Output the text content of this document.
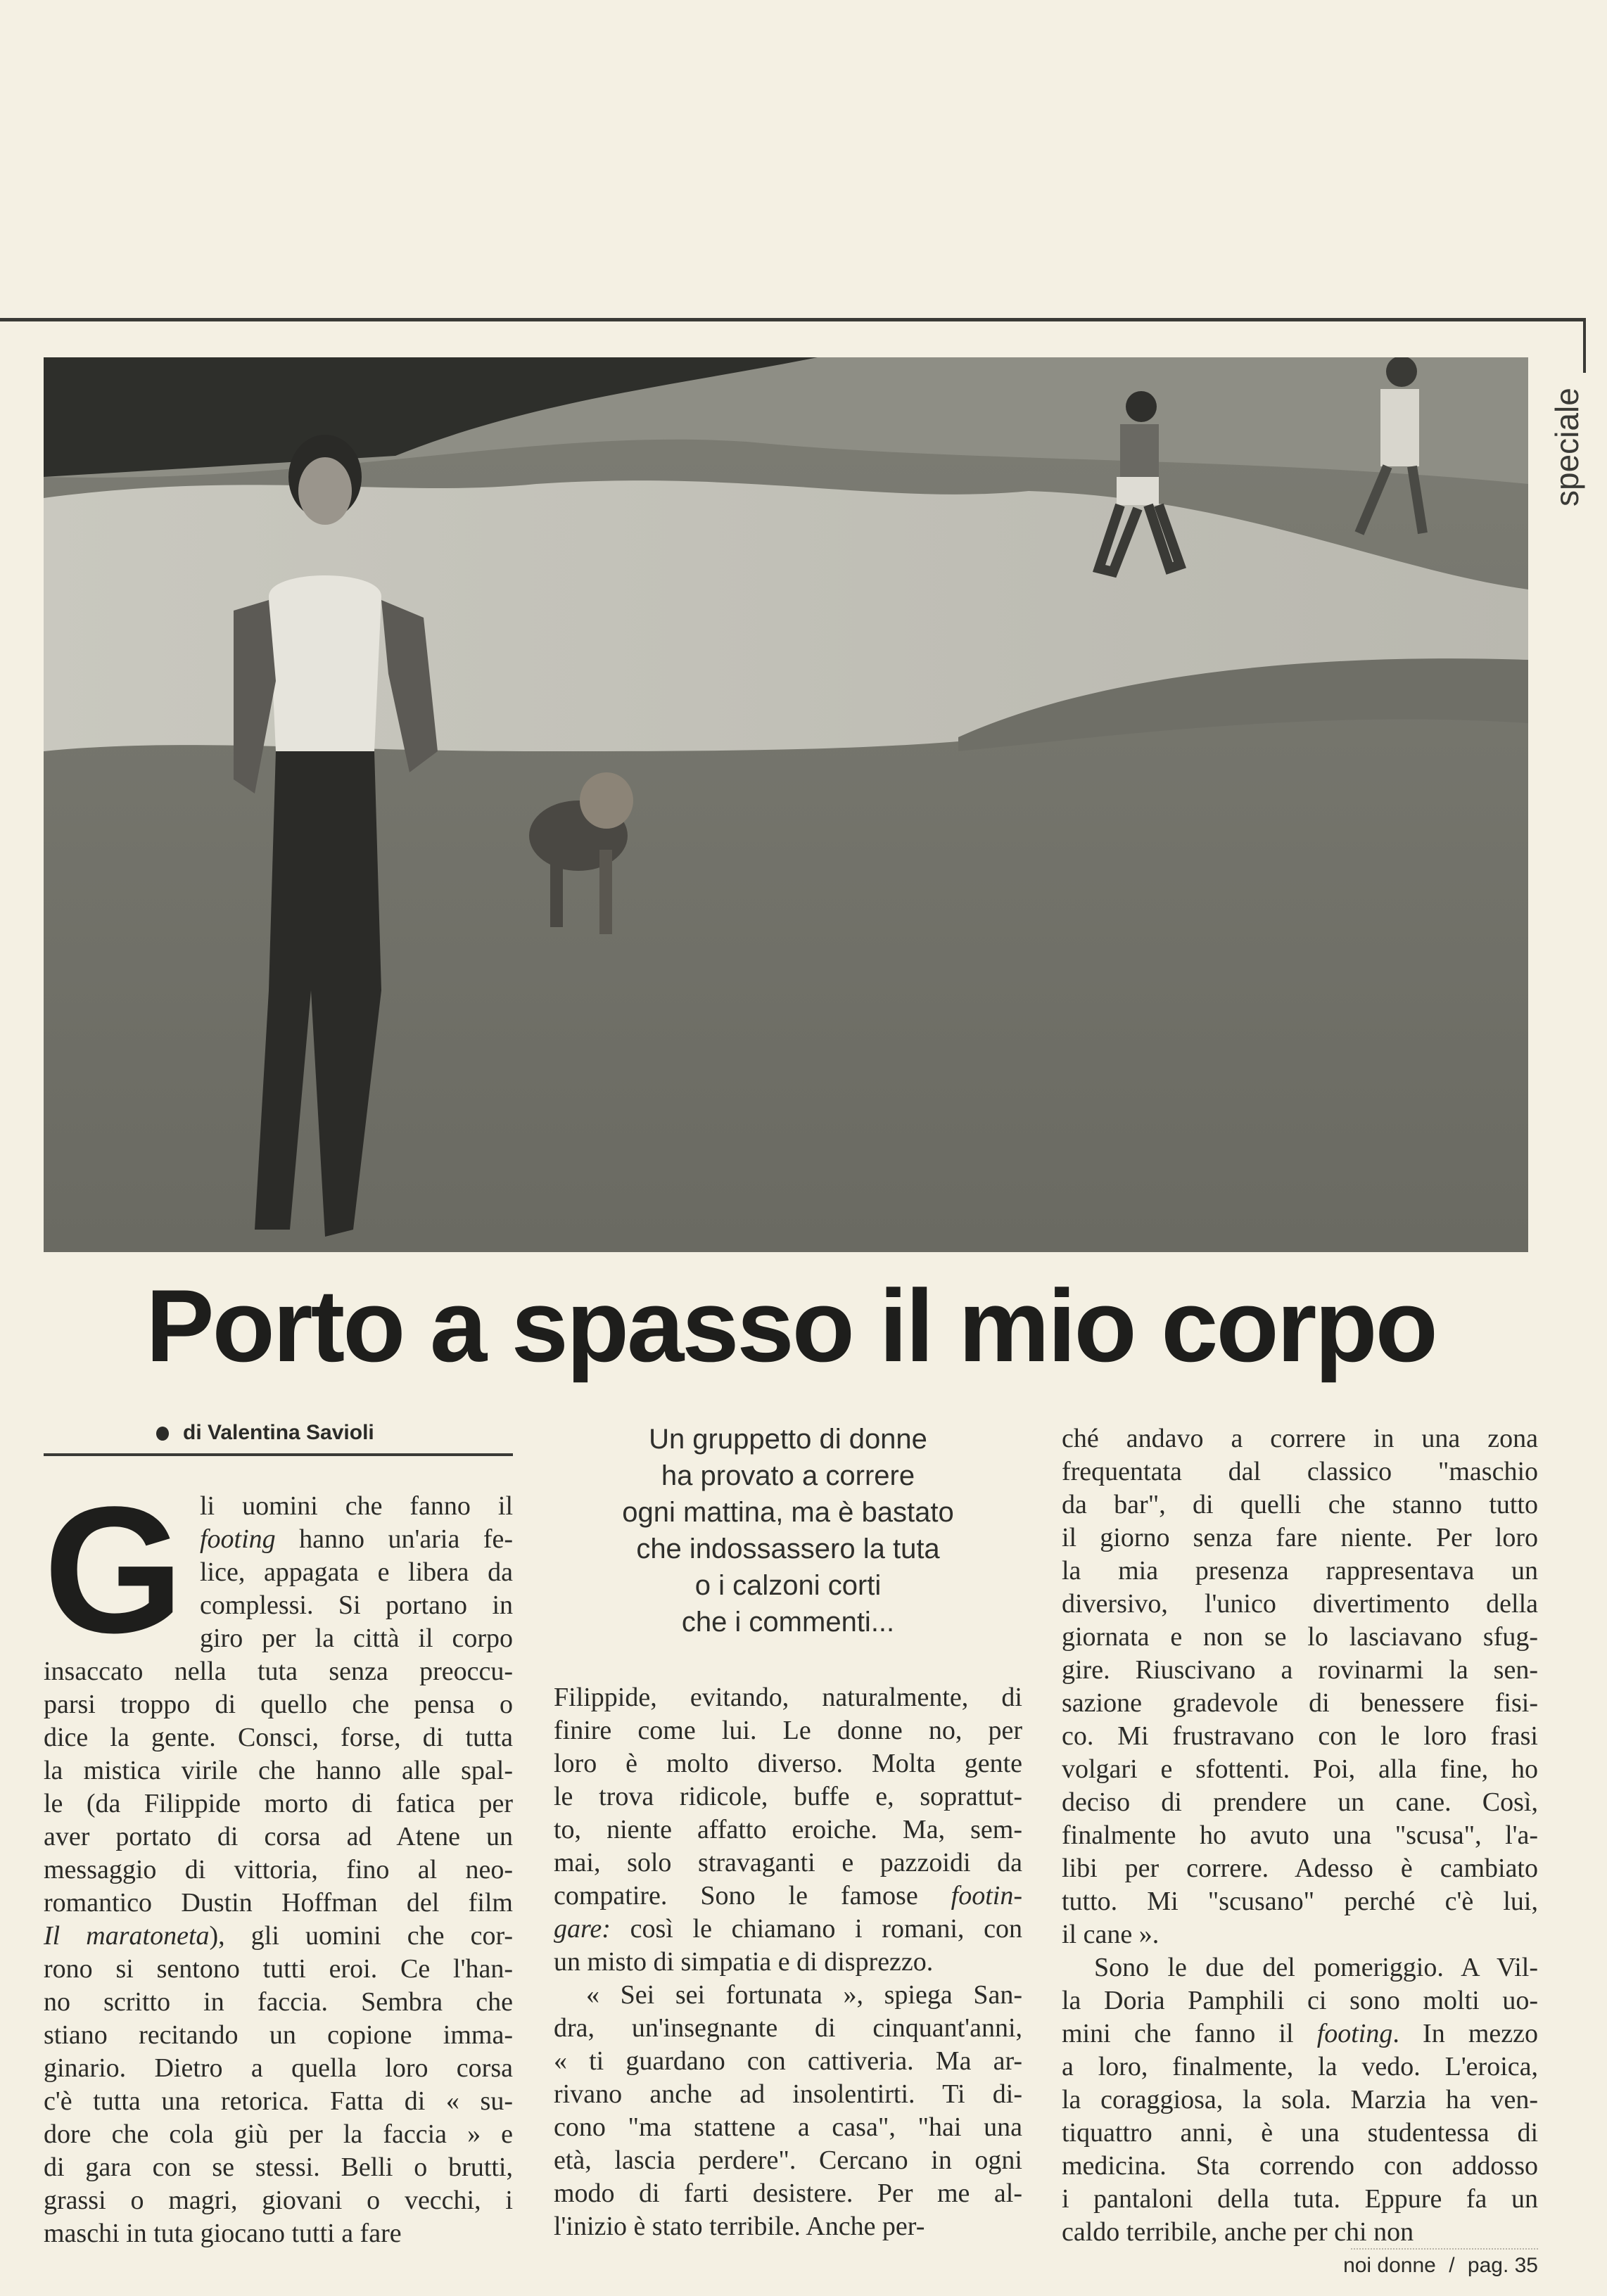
speciale
Porto a spasso il mio corpo
di Valentina Savioli
G li uomini che fanno il
footing hanno un'aria fe-
lice, appagata e libera da
complessi. Si portano in
giro per la città il corpo
insaccato nella tuta senza preoccu-
parsi troppo di quello che pensa o
dice la gente. Consci, forse, di tutta
la mistica virile che hanno alle spal-
le (da Filippide morto di fatica per
aver portato di corsa ad Atene un
messaggio di vittoria, fino al neo-
romantico Dustin Hoffman del film
Il maratoneta), gli uomini che cor-
rono si sentono tutti eroi. Ce l'han-
no scritto in faccia. Sembra che
stiano recitando un copione imma-
ginario. Dietro a quella loro corsa
c'è tutta una retorica. Fatta di « su-
dore che cola giù per la faccia » e
di gara con se stessi. Belli o brutti,
grassi o magri, giovani o vecchi, i
maschi in tuta giocano tutti a fare
Un gruppetto di donne
ha provato a correre
ogni mattina, ma è bastato
che indossassero la tuta
o i calzoni corti
che i commenti...
Filippide, evitando, naturalmente, di
finire come lui. Le donne no, per
loro è molto diverso. Molta gente
le trova ridicole, buffe e, soprattut-
to, niente affatto eroiche. Ma, sem-
mai, solo stravaganti e pazzoidi da
compatire. Sono le famose footin-
gare: così le chiamano i romani, con
un misto di simpatia e di disprezzo.
« Sei sei fortunata », spiega San-
dra, un'insegnante di cinquant'anni,
« ti guardano con cattiveria. Ma ar-
rivano anche ad insolentirti. Ti di-
cono "ma stattene a casa", "hai una
età, lascia perdere". Cercano in ogni
modo di farti desistere. Per me al-
l'inizio è stato terribile. Anche per-
ché andavo a correre in una zona
frequentata dal classico "maschio
da bar", di quelli che stanno tutto
il giorno senza fare niente. Per loro
la mia presenza rappresentava un
diversivo, l'unico divertimento della
giornata e non se lo lasciavano sfug-
gire. Riuscivano a rovinarmi la sen-
sazione gradevole di benessere fisi-
co. Mi frustravano con le loro frasi
volgari e sfottenti. Poi, alla fine, ho
deciso di prendere un cane. Così,
finalmente ho avuto una "scusa", l'a-
libi per correre. Adesso è cambiato
tutto. Mi "scusano" perché c'è lui,
il cane ».
Sono le due del pomeriggio. A Vil-
la Doria Pamphili ci sono molti uo-
mini che fanno il footing. In mezzo
a loro, finalmente, la vedo. L'eroica,
la coraggiosa, la sola. Marzia ha ven-
tiquattro anni, è una studentessa di
medicina. Sta correndo con addosso
i pantaloni della tuta. Eppure fa un
caldo terribile, anche per chi non
noi donne / pag. 35
